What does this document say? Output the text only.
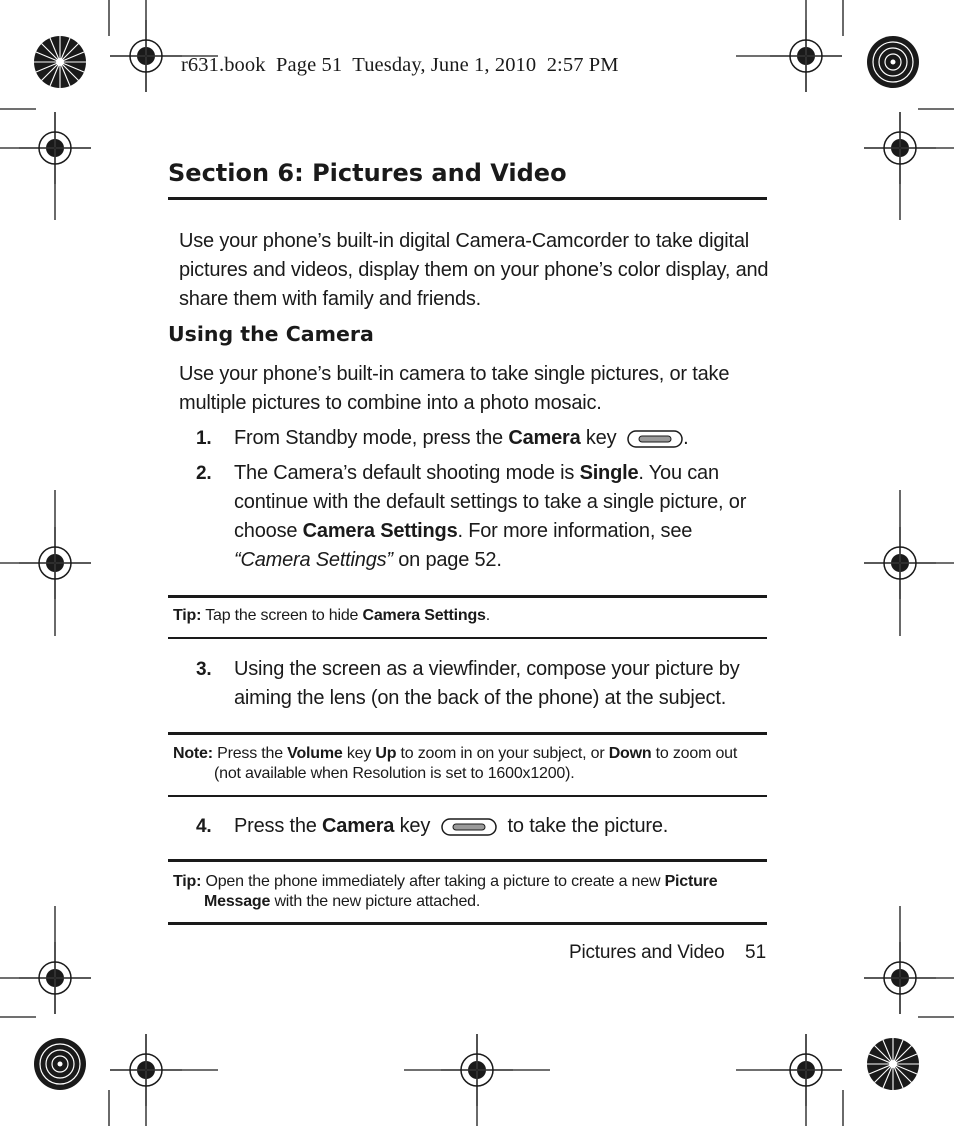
r631.book  Page 51  Tuesday, June 1, 2010  2:57 PM
Section 6: Pictures and Video

Use your phone’s built-in digital Camera-Camcorder to take digital pictures and videos, display them on your phone’s color display, and share them with family and friends.

Using the Camera

Use your phone’s built-in camera to take single pictures, or take multiple pictures to combine into a photo mosaic.

1. From Standby mode, press the Camera key	.
2. The Camera’s default shooting mode is Single. You can continue with the default settings to take a single picture, or choose Camera Settings. For more information, see “Camera Settings” on page 52.
Tip: Tap the screen to hide Camera Settings.
3. Using the screen as a viewfinder, compose your picture by aiming the lens (on the back of the phone) at the subject.
Note: Press the Volume key Up to zoom in on your subject, or Down to zoom out
(not available when Resolution is set to 1600x1200).
4. Press the Camera key	to take the picture.
Tip: Open the phone immediately after taking a picture to create a new Picture
Message with the new picture attached.
Pictures and Video 51
